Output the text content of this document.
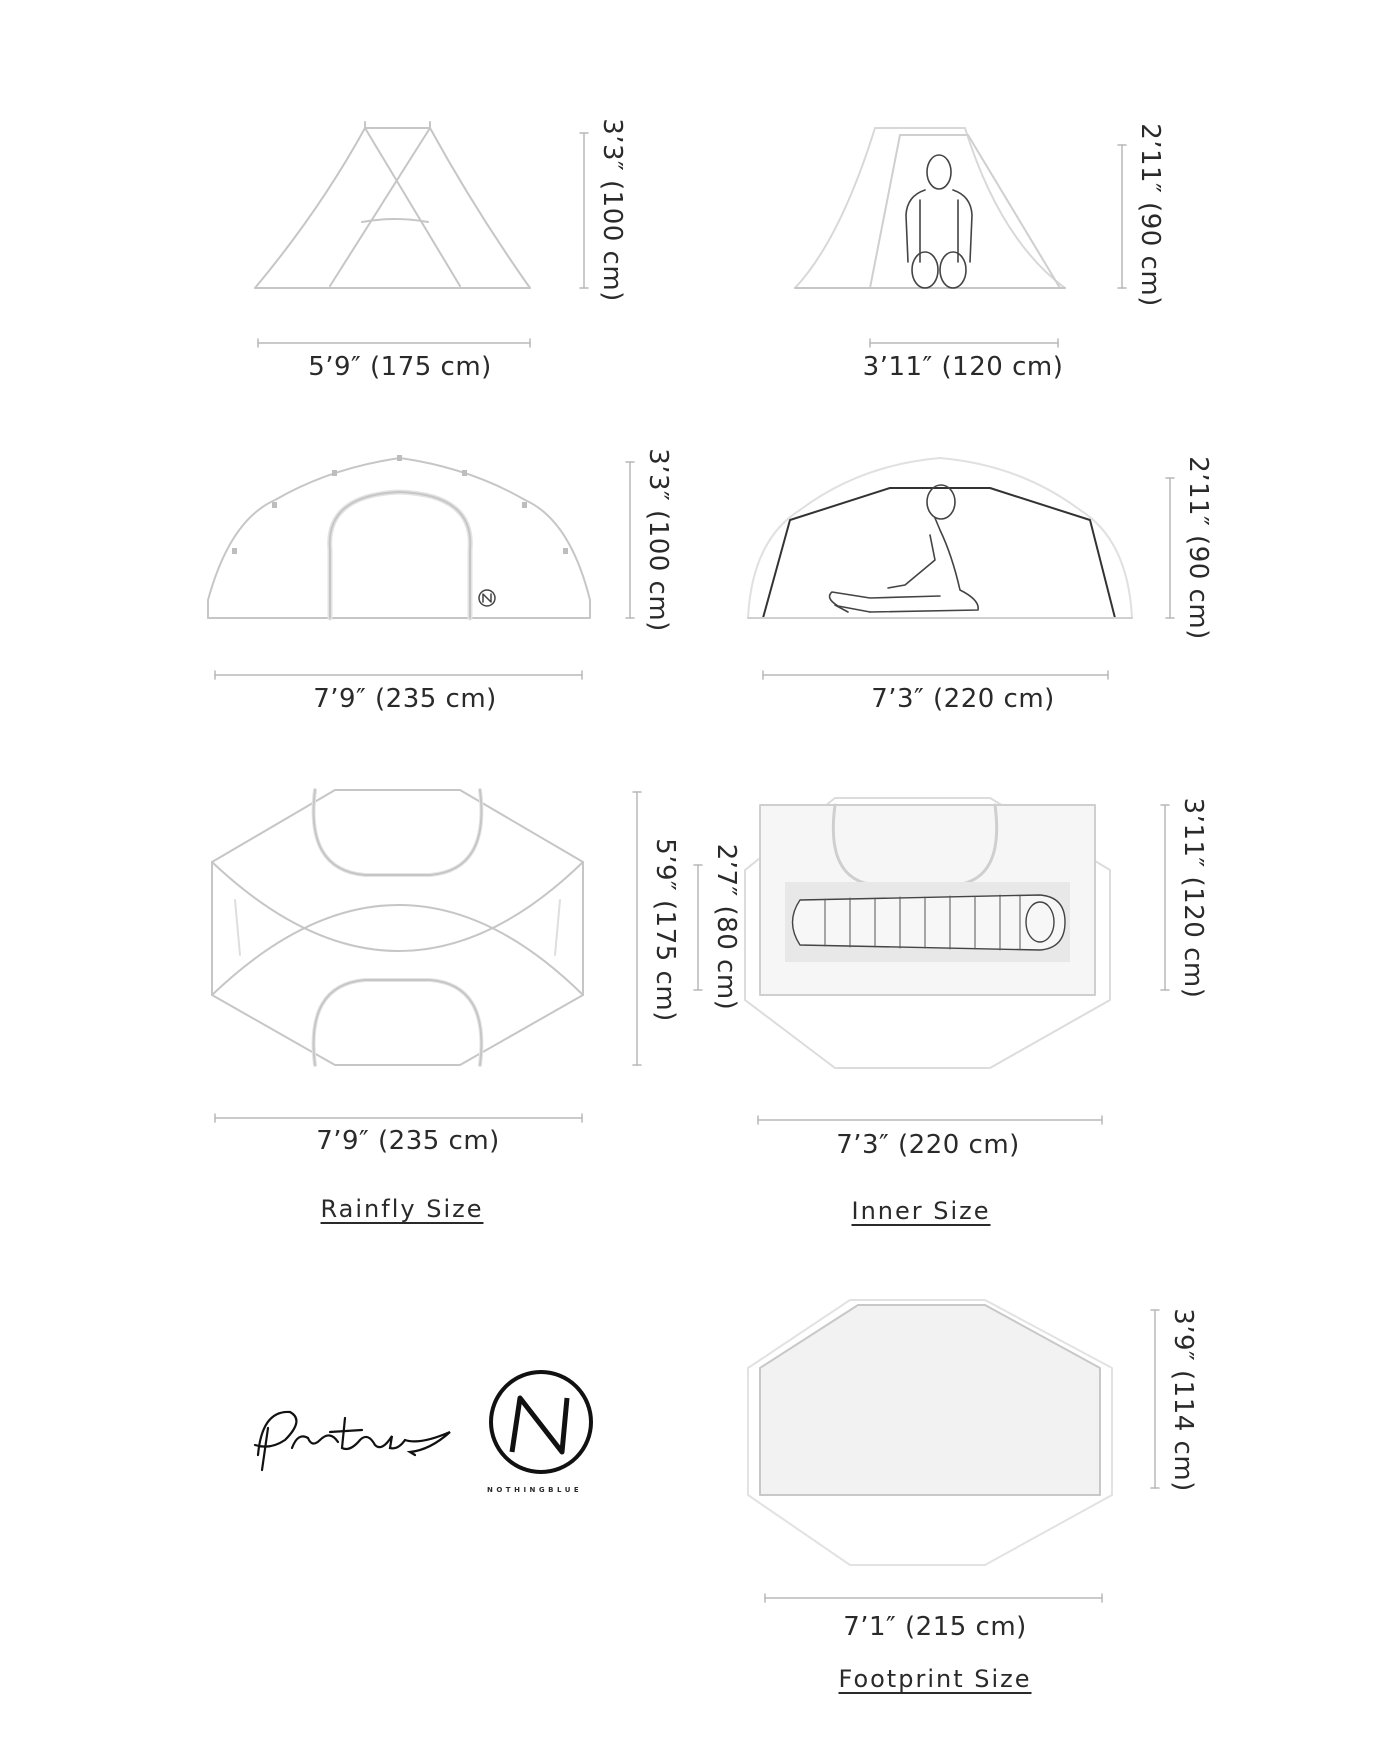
3’3″ (100 cm)
5’9″ (175 cm)
2’11″ (90 cm)
3’11″ (120 cm)
3’3″ (100 cm)
7’9″ (235 cm)
2’11″ (90 cm)
7’3″ (220 cm)
5’9″ (175 cm)
7’9″ (235 cm)
Rainfly Size
2’7″ (80 cm)	3’11″ (120 cm)
7’3″ (220 cm)
Inner Size
3’9″ (114 cm)
7’1″ (215 cm)
Footprint Size
NOTHINGBLUE
